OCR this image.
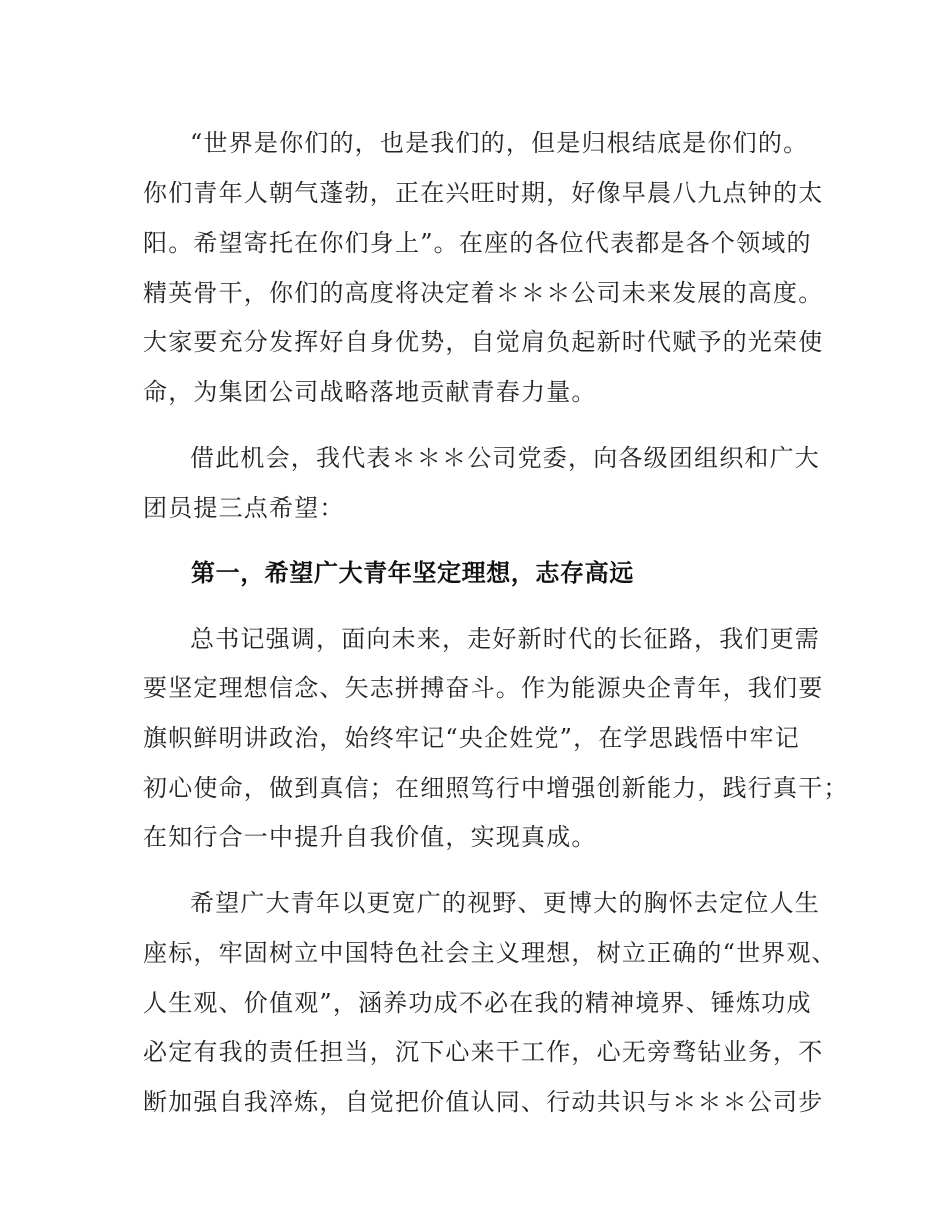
“世界是你们的，也是我们的，但是归根结底是你们的。
你们青年人朝气蓬勃，正在兴旺时期，好像早晨八九点钟的太
阳。希望寄托在你们身上”。在座的各位代表都是各个领域的
精英骨干，你们的高度将决定着＊＊＊公司未来发展的高度。
大家要充分发挥好自身优势，自觉肩负起新时代赋予的光荣使
命，为集团公司战略落地贡献青春力量。
借此机会，我代表＊＊＊公司党委，向各级团组织和广大
团员提三点希望：
第一，希望广大青年坚定理想，志存高远
总书记强调，面向未来，走好新时代的长征路，我们更需
要坚定理想信念、矢志拼搏奋斗。作为能源央企青年，我们要
旗帜鲜明讲政治，始终牢记“央企姓党”，在学思践悟中牢记
初心使命，做到真信；在细照笃行中增强创新能力，践行真干；
在知行合一中提升自我价值，实现真成。
希望广大青年以更宽广的视野、更博大的胸怀去定位人生
座标，牢固树立中国特色社会主义理想，树立正确的“世界观、
人生观、价值观”，涵养功成不必在我的精神境界、锤炼功成
必定有我的责任担当，沉下心来干工作，心无旁骛钻业务，不
断加强自我淬炼，自觉把价值认同、行动共识与＊＊＊公司步
